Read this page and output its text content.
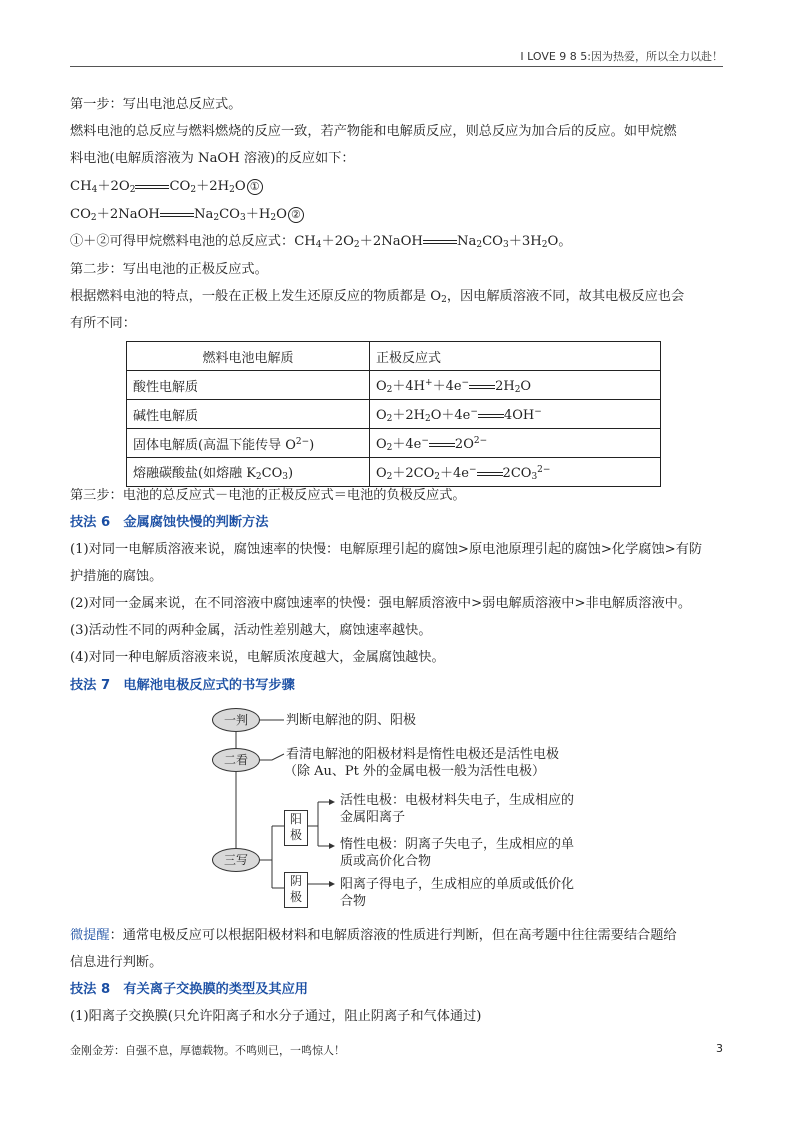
I LOVE 9 8 5:因为热爱，所以全力以赴！
第一步：写出电池总反应式。
燃料电池的总反应与燃料燃烧的反应一致，若产物能和电解质反应，则总反应为加合后的反应。如甲烷燃
料电池(电解质溶液为 NaOH 溶液)的反应如下：
$CH_4+2O_2$	$CO_2+2H_2O$ ①
$CO_2+2NaOH$	$Na_2CO_3+H_2O$ ②
①＋②可得甲烷燃料电池的总反应式：$CH_4+2O_2+2NaOH$	$Na_2CO_3+3H_2O$。
第二步：写出电池的正极反应式。
根据燃料电池的特点，一般在正极上发生还原反应的物质都是 $O_2$，因电解质溶液不同，故其电极反应也会
有所不同：
燃料电池电解质	正极反应式
酸性电解质	$O_2+4H^++4e^-$ $2H_2O$
碱性电解质	$O_2+2H_2O+4e^-$ 4OH−
固体电解质(高温下能传导 $O^{2-}$)	$O_2+4e^-$ $2O^{2-}$
熔融碳酸盐(如熔融 $K_2CO_3$)	$O_2+2CO_2+4e^-$ $2CO_3^{2-}$
第三步：电池的总反应式－电池的正极反应式＝电池的负极反应式。
技法 6　金属腐蚀快慢的判断方法
(1)对同一电解质溶液来说，腐蚀速率的快慢：电解原理引起的腐蚀>原电池原理引起的腐蚀>化学腐蚀>有防
护措施的腐蚀。
(2)对同一金属来说，在不同溶液中腐蚀速率的快慢：强电解质溶液中>弱电解质溶液中>非电解质溶液中。
(3)活动性不同的两种金属，活动性差别越大，腐蚀速率越快。
(4)对同一种电解质溶液来说，电解质浓度越大，金属腐蚀越快。
技法 7　电解池电极反应式的书写步骤
一判
二看
三写
判断电解池的阴、阳极
看清电解池的阳极材料是惰性电极还是活性电极
（除 Au、Pt 外的金属电极一般为活性电极）
阳极
阴极
活性电极：电极材料失电子，生成相应的
金属阳离子
惰性电极：阴离子失电子，生成相应的单
质或高价化合物
阳离子得电子，生成相应的单质或低价化
合物
微提醒：通常电极反应可以根据阳极材料和电解质溶液的性质进行判断，但在高考题中往往需要结合题给
信息进行判断。
技法 8　有关离子交换膜的类型及其应用
(1)阳离子交换膜(只允许阳离子和水分子通过，阻止阴离子和气体通过)
金刚金芳：自强不息，厚德载物。不鸣则已，一鸣惊人！	3
